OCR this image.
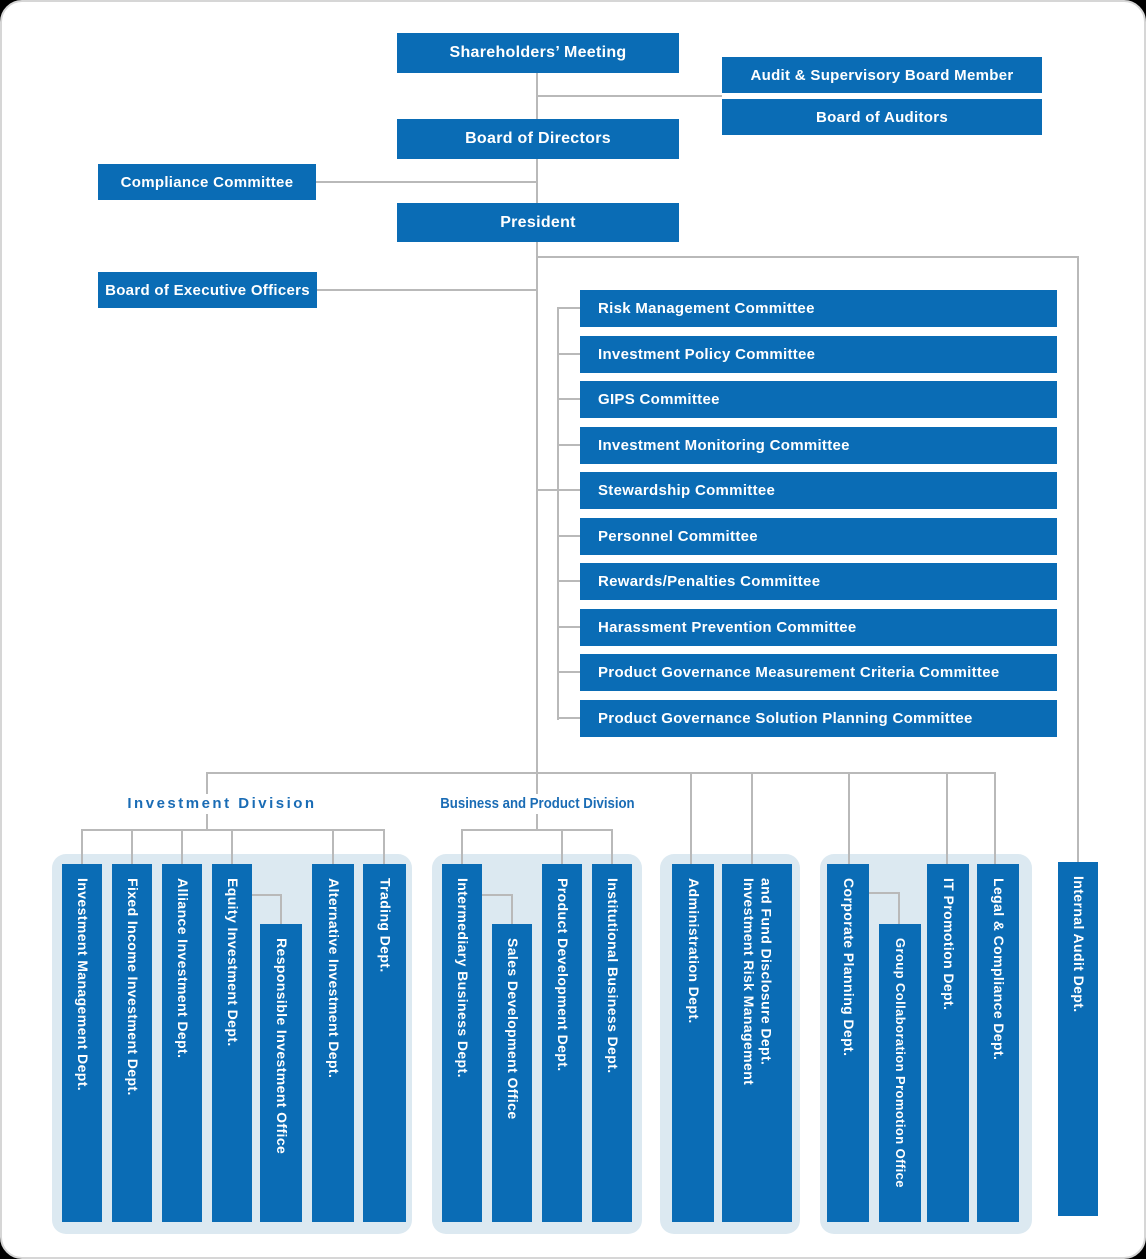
Shareholders’ Meeting
Audit & Supervisory Board Member
Board of Auditors
Board of Directors
Compliance Committee
President
Board of Executive Officers
Risk Management Committee
Investment Policy Committee
GIPS Committee
Investment Monitoring Committee
Stewardship Committee
Personnel Committee
Rewards/Penalties Committee
Harassment Prevention Committee
Product Governance Measurement Criteria Committee
Product Governance Solution Planning Committee
Investment Division	Business and Product Division
Investment Management Dept. Fixed Income Investment Dept. Alliance Investment Dept. Equity Investment Dept. Responsible Investment Office	Alternative Investment Dept.	Trading Dept.	Intermediary Business Dept. Sales Development Office Product Development Dept. Institutional Business Dept.	Administration Dept.	Investment Risk Management and Fund Disclosure Dept.	Corporate Planning Dept.	Group Collaboration Promotion Office IT Promotion Dept. Legal & Compliance Dept.	Internal Audit Dept.
